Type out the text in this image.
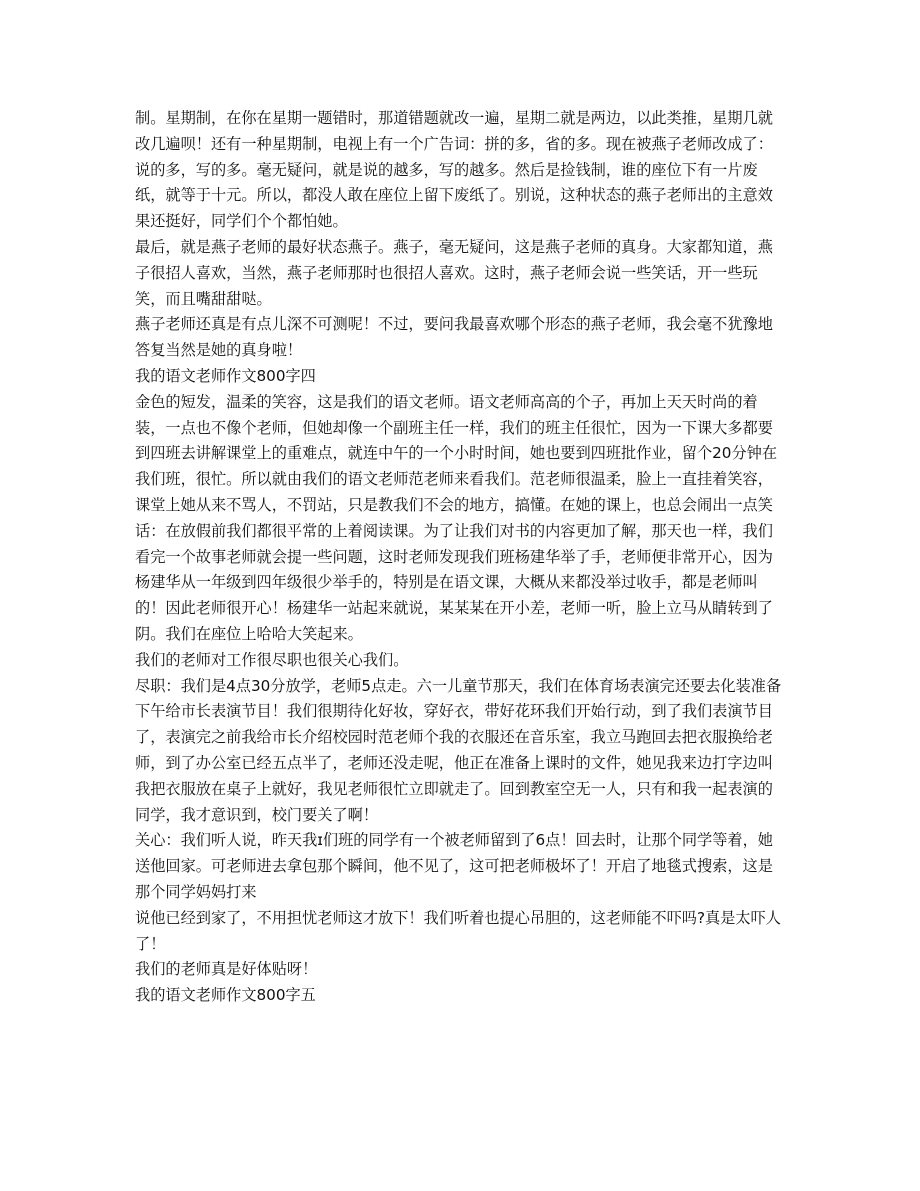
制。星期制，在你在星期一题错时，那道错题就改一遍，星期二就是两边，以此类推，星期几就改几遍呗！还有一种星期制，电视上有一个广告词：拼的多，省的多。现在被燕子老师改成了：说的多，写的多。毫无疑问，就是说的越多，写的越多。然后是捡钱制，谁的座位下有一片废纸，就等于十元。所以，都没人敢在座位上留下废纸了。别说，这种状态的燕子老师出的主意效果还挺好，同学们个个都怕她。

最后，就是燕子老师的最好状态燕子。燕子，毫无疑问，这是燕子老师的真身。大家都知道，燕子很招人喜欢，当然，燕子老师那时也很招人喜欢。这时，燕子老师会说一些笑话，开一些玩笑，而且嘴甜甜哒。

燕子老师还真是有点儿深不可测呢！不过，要问我最喜欢哪个形态的燕子老师，我会毫不犹豫地答复当然是她的真身啦！

我的语文老师作文800字四

金色的短发，温柔的笑容，这是我们的语文老师。语文老师高高的个子，再加上天天时尚的着装，一点也不像个老师，但她却像一个副班主任一样，我们的班主任很忙，因为一下课大多都要到四班去讲解课堂上的重难点，就连中午的一个小时时间，她也要到四班批作业，留个20分钟在我们班，很忙。所以就由我们的语文老师范老师来看我们。范老师很温柔，脸上一直挂着笑容，课堂上她从来不骂人，不罚站，只是教我们不会的地方，搞懂。在她的课上，也总会闹出一点笑话：在放假前我们都很平常的上着阅读课。为了让我们对书的内容更加了解，那天也一样，我们看完一个故事老师就会提一些问题，这时老师发现我们班杨建华举了手，老师便非常开心，因为杨建华从一年级到四年级很少举手的，特别是在语文课，大概从来都没举过收手，都是老师叫的！因此老师很开心！杨建华一站起来就说，某某某在开小差，老师一听，脸上立马从睛转到了阴。我们在座位上哈哈大笑起来。

我们的老师对工作很尽职也很关心我们。

尽职：我们是4点30分放学，老师5点走。六一儿童节那天，我们在体育场表演完还要去化装准备下午给市长表演节目！我们很期待化好妆，穿好衣，带好花环我们开始行动，到了我们表演节目了，表演完之前我给市长介绍校园时范老师个我的衣服还在音乐室，我立马跑回去把衣服换给老师，到了办公室已经五点半了，老师还没走呢，他正在准备上课时的文件，她见我来边打字边叫我把衣服放在桌子上就好，我见老师很忙立即就走了。回到教室空无一人，只有和我一起表演的同学，我才意识到，校门要关了啊！

关心：我们听人说，昨天我ɪ们班的同学有一个被老师留到了6点！回去时，让那个同学等着，她送他回家。可老师进去拿包那个瞬间，他不见了，这可把老师极坏了！开启了地毯式搜索，这是那个同学妈妈打来

说他已经到家了，不用担忧老师这才放下！我们听着也提心吊胆的，这老师能不吓吗?真是太吓人了！

我们的老师真是好体贴呀！

我的语文老师作文800字五
